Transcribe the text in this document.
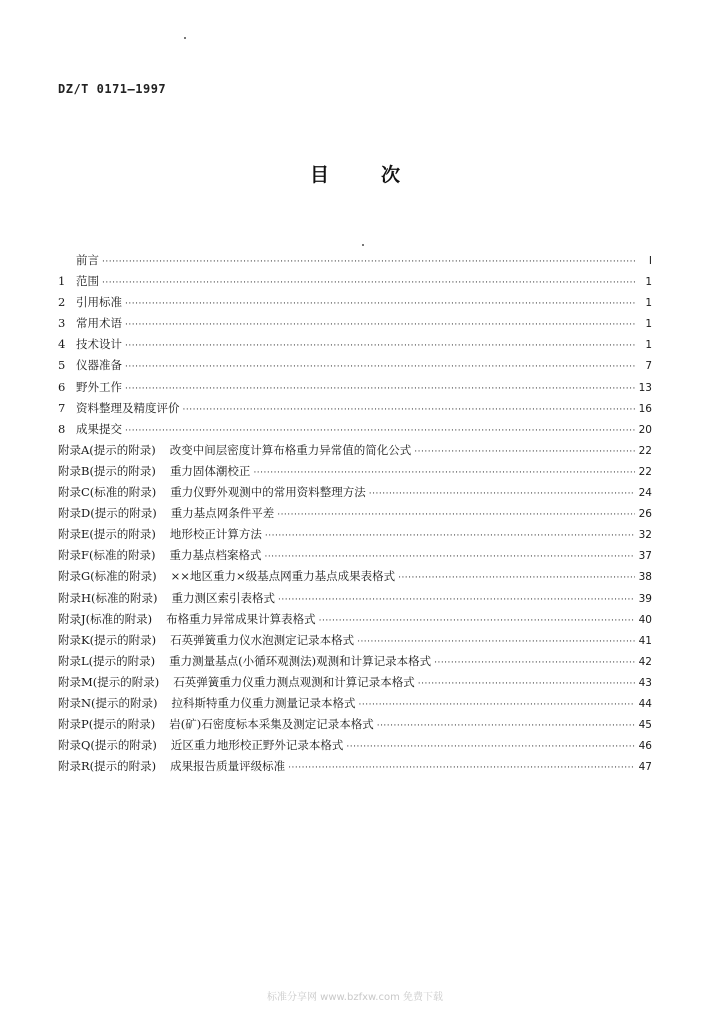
DZ/T 0171—1997
目次
前言 ·····	I
1 范围 ·····	1
2 引用标准 ·····	1
3 常用术语 ·····	1
4 技术设计 ·····	1
5 仪器准备 ·····	7
6 野外工作 ·····	13
7 资料整理及精度评价 ·····	16
8 成果提交 ·····	20
附录A(提示的附录)	改变中间层密度计算布格重力异常值的简化公式 ·····	22
附录B(提示的附录)	重力固体潮校正 ·····	22
附录C(标准的附录)	重力仪野外观测中的常用资料整理方法 ·····	24
附录D(提示的附录)	重力基点网条件平差 ·····	26
附录E(提示的附录)	地形校正计算方法 ·····	32
附录F(标准的附录)	重力基点档案格式 ·····	37
附录G(标准的附录)	××地区重力×级基点网重力基点成果表格式 ·····	38
附录H(标准的附录)	重力测区索引表格式 ·····	39
附录J(标准的附录)	布格重力异常成果计算表格式 ·····	40
附录K(提示的附录)	石英弹簧重力仪水泡测定记录本格式 ·····	41
附录L(提示的附录)	重力测量基点(小循环观测法)观测和计算记录本格式 ·····	42
附录M(提示的附录)	石英弹簧重力仪重力测点观测和计算记录本格式 ·····	43
附录N(提示的附录)	拉科斯特重力仪重力测量记录本格式 ·····	44
附录P(提示的附录)	岩(矿)石密度标本采集及测定记录本格式 ·····	45
附录Q(提示的附录)	近区重力地形校正野外记录本格式 ·····	46
附录R(提示的附录)	成果报告质量评级标准 ·····	47
标准分享网 www.bzfxw.com 免费下载
